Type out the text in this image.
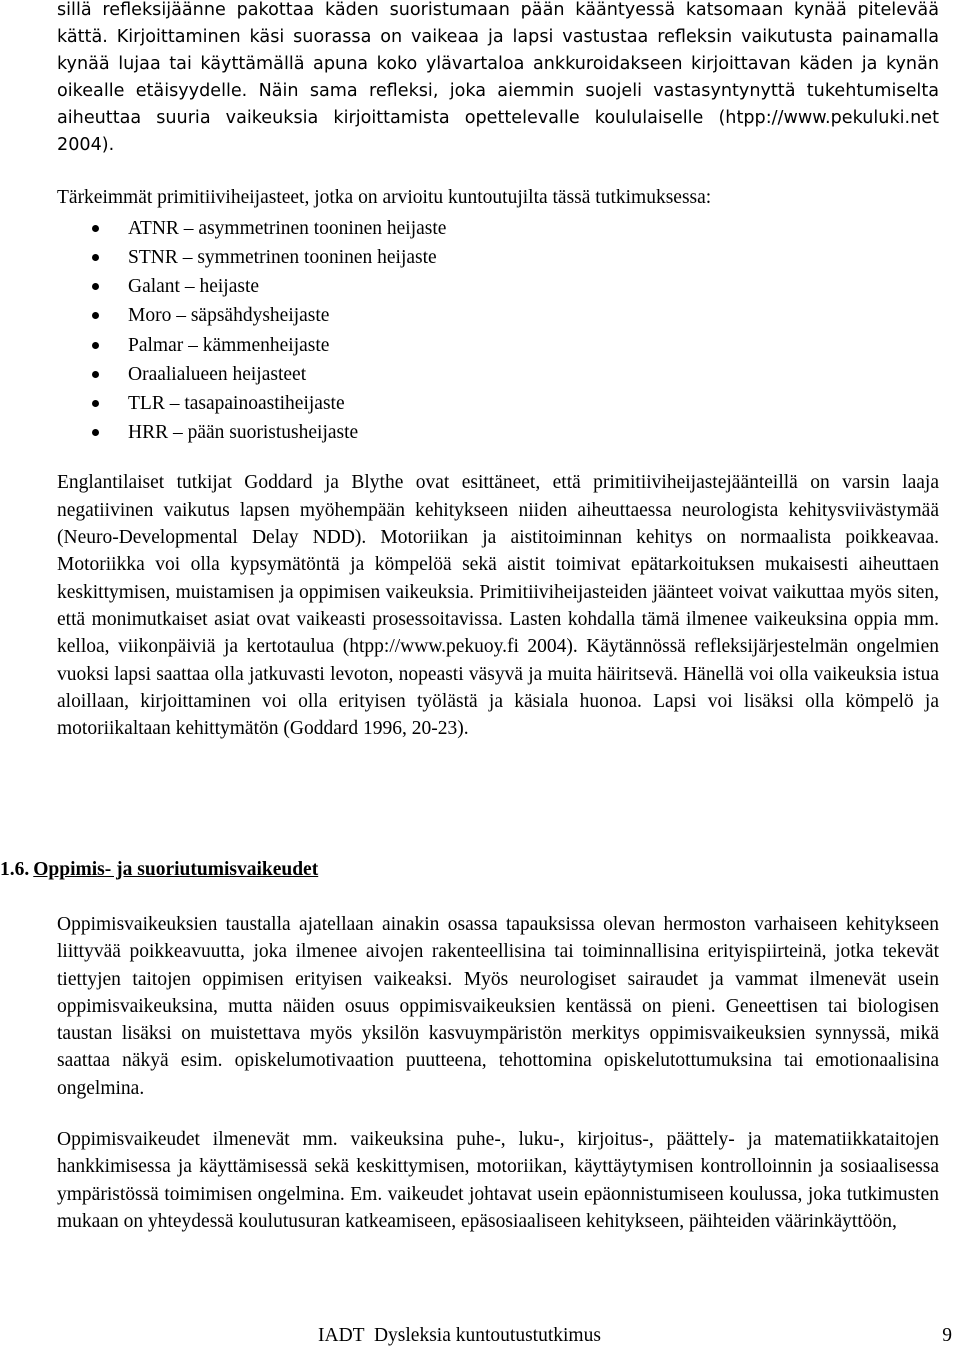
sillä refleksijäänne pakottaa käden suoristumaan pään kääntyessä katsomaan kynää pitelevää kättä. Kirjoittaminen käsi suorassa on vaikeaa ja lapsi vastustaa refleksin vaikutusta painamalla kynää lujaa tai käyttämällä apuna koko ylävartaloa ankkuroidakseen kirjoittavan käden ja kynän oikealle etäisyydelle. Näin sama refleksi, joka aiemmin suojeli vastasyntynyttä tukehtumiselta aiheuttaa suuria vaikeuksia kirjoittamista opettelevalle koululaiselle (htpp://www.pekuluki.net 2004).

Tärkeimmät primitiiviheijasteet, jotka on arvioitu kuntoutujilta tässä tutkimuksessa:

ATNR – asymmetrinen tooninen heijaste
STNR – symmetrinen tooninen heijaste
Galant – heijaste
Moro – säpsähdysheijaste
Palmar – kämmenheijaste
Oraalialueen heijasteet
TLR – tasapainoastiheijaste
HRR – pään suoristusheijaste

Englantilaiset tutkijat Goddard ja Blythe ovat esittäneet, että primitiiviheijastejäänteillä on varsin laaja negatiivinen vaikutus lapsen myöhempään kehitykseen niiden aiheuttaessa neurologista kehitysviivästymää (Neuro-Developmental Delay NDD). Motoriikan ja aistitoiminnan kehitys on normaalista poikkeavaa. Motoriikka voi olla kypsymätöntä ja kömpelöä sekä aistit toimivat epätarkoituksen mukaisesti aiheuttaen keskittymisen, muistamisen ja oppimisen vaikeuksia. Primitiiviheijasteiden jäänteet voivat vaikuttaa myös siten, että monimutkaiset asiat ovat vaikeasti prosessoitavissa. Lasten kohdalla tämä ilmenee vaikeuksina oppia mm. kelloa, viikonpäiviä ja kertotaulua (htpp://www.pekuoy.fi 2004). Käytännössä refleksijärjestelmän ongelmien vuoksi lapsi saattaa olla jatkuvasti levoton, nopeasti väsyvä ja muita häiritsevä. Hänellä voi olla vaikeuksia istua aloillaan, kirjoittaminen voi olla erityisen työlästä ja käsiala huonoa. Lapsi voi lisäksi olla kömpelö ja motoriikaltaan kehittymätön (Goddard 1996, 20-23).

1.6. Oppimis- ja suoriutumisvaikeudet

Oppimisvaikeuksien taustalla ajatellaan ainakin osassa tapauksissa olevan hermoston varhaiseen kehitykseen liittyvää poikkeavuutta, joka ilmenee aivojen rakenteellisina tai toiminnallisina erityispiirteinä, jotka tekevät tiettyjen taitojen oppimisen erityisen vaikeaksi. Myös neurologiset sairaudet ja vammat ilmenevät usein oppimisvaikeuksina, mutta näiden osuus oppimisvaikeuksien kentässä on pieni. Geneettisen tai biologisen taustan lisäksi on muistettava myös yksilön kasvuympäristön merkitys oppimisvaikeuksien synnyssä, mikä saattaa näkyä esim. opiskelumotivaation puutteena, tehottomina opiskelutottumuksina tai emotionaalisina ongelmina.

Oppimisvaikeudet ilmenevät mm. vaikeuksina puhe-, luku-, kirjoitus-, päättely- ja matematiikkataitojen hankkimisessa ja käyttämisessä sekä keskittymisen, motoriikan, käyttäytymisen kontrolloinnin ja sosiaalisessa ympäristössä toimimisen ongelmina. Em. vaikeudet johtavat usein epäonnistumiseen koulussa, joka tutkimusten mukaan on yhteydessä koulutusuran katkeamiseen, epäsosiaaliseen kehitykseen, päihteiden väärinkäyttöön,

IADT  Dysleksia kuntoutustutkimus	9
